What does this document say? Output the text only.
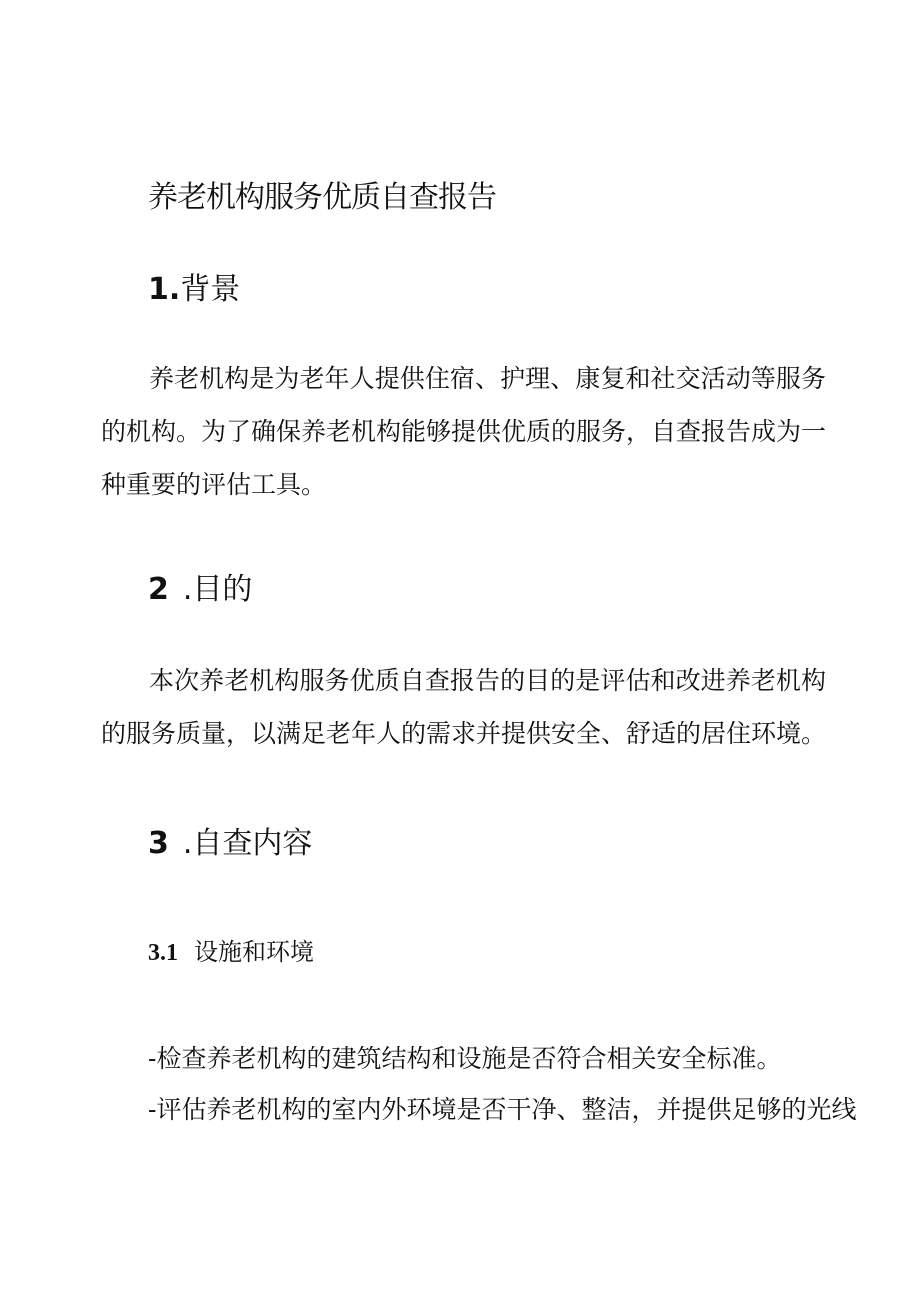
养老机构服务优质自查报告
1.背景

养老机构是为老年人提供住宿、护理、康复和社交活动等服务的机构。为了确保养老机构能够提供优质的服务，自查报告成为一种重要的评估工具。

2 .目的

本次养老机构服务优质自查报告的目的是评估和改进养老机构的服务质量，以满足老年人的需求并提供安全、舒适的居住环境。

3 .自查内容
3.1 设施和环境
-检查养老机构的建筑结构和设施是否符合相关安全标准。
-评估养老机构的室内外环境是否干净、整洁，并提供足够的光线
